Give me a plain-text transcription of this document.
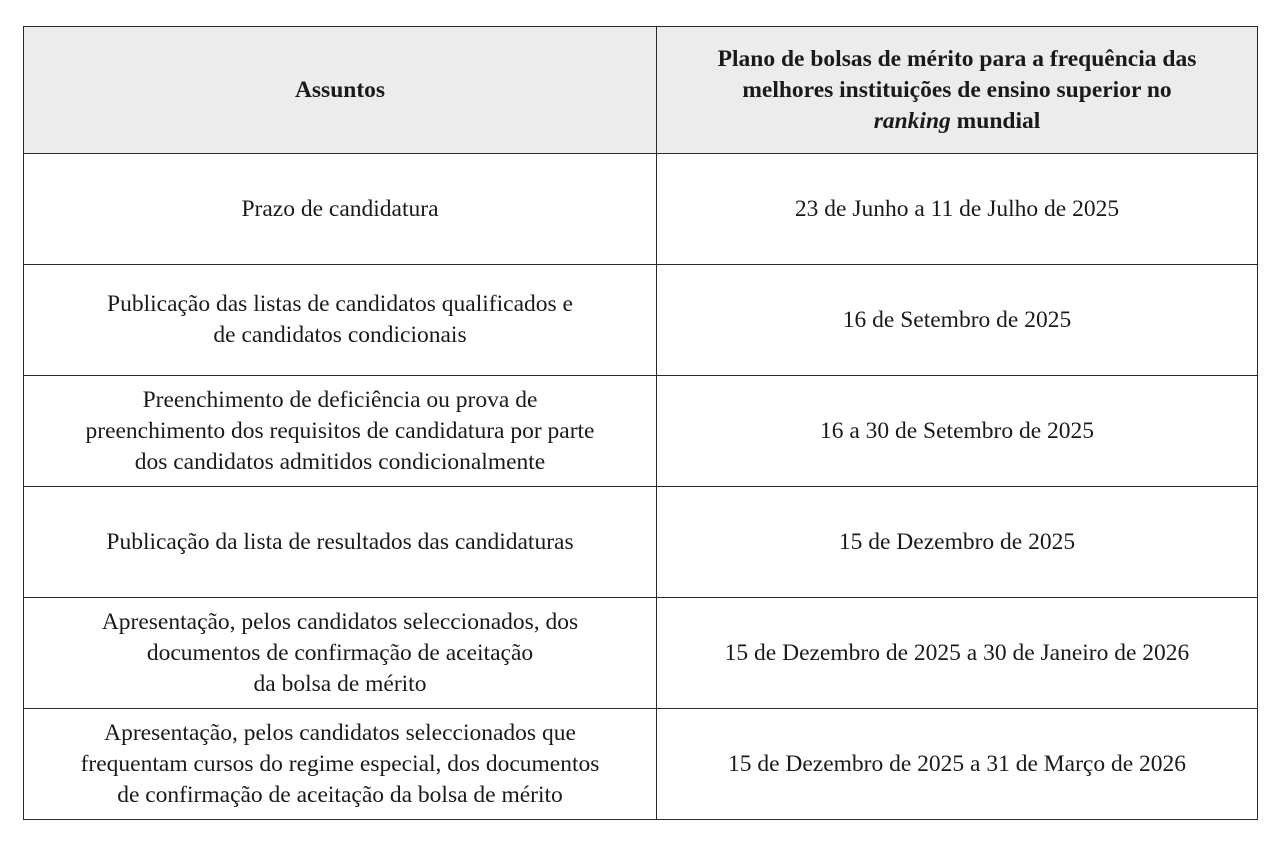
Assuntos	Plano de bolsas de mérito para a frequência das
melhores instituições de ensino superior no
ranking mundial

Prazo de candidatura	23 de Junho a 11 de Julho de 2025

Publicação das listas de candidatos qualificados e
de candidatos condicionais	16 de Setembro de 2025

Preenchimento de deficiência ou prova de
preenchimento dos requisitos de candidatura por parte
dos candidatos admitidos condicionalmente	16 a 30 de Setembro de 2025

Publicação da lista de resultados das candidaturas	15 de Dezembro de 2025

Apresentação, pelos candidatos seleccionados, dos
documentos de confirmação de aceitação
da bolsa de mérito	15 de Dezembro de 2025 a 30 de Janeiro de 2026

Apresentação, pelos candidatos seleccionados que
frequentam cursos do regime especial, dos documentos
de confirmação de aceitação da bolsa de mérito	15 de Dezembro de 2025 a 31 de Março de 2026
